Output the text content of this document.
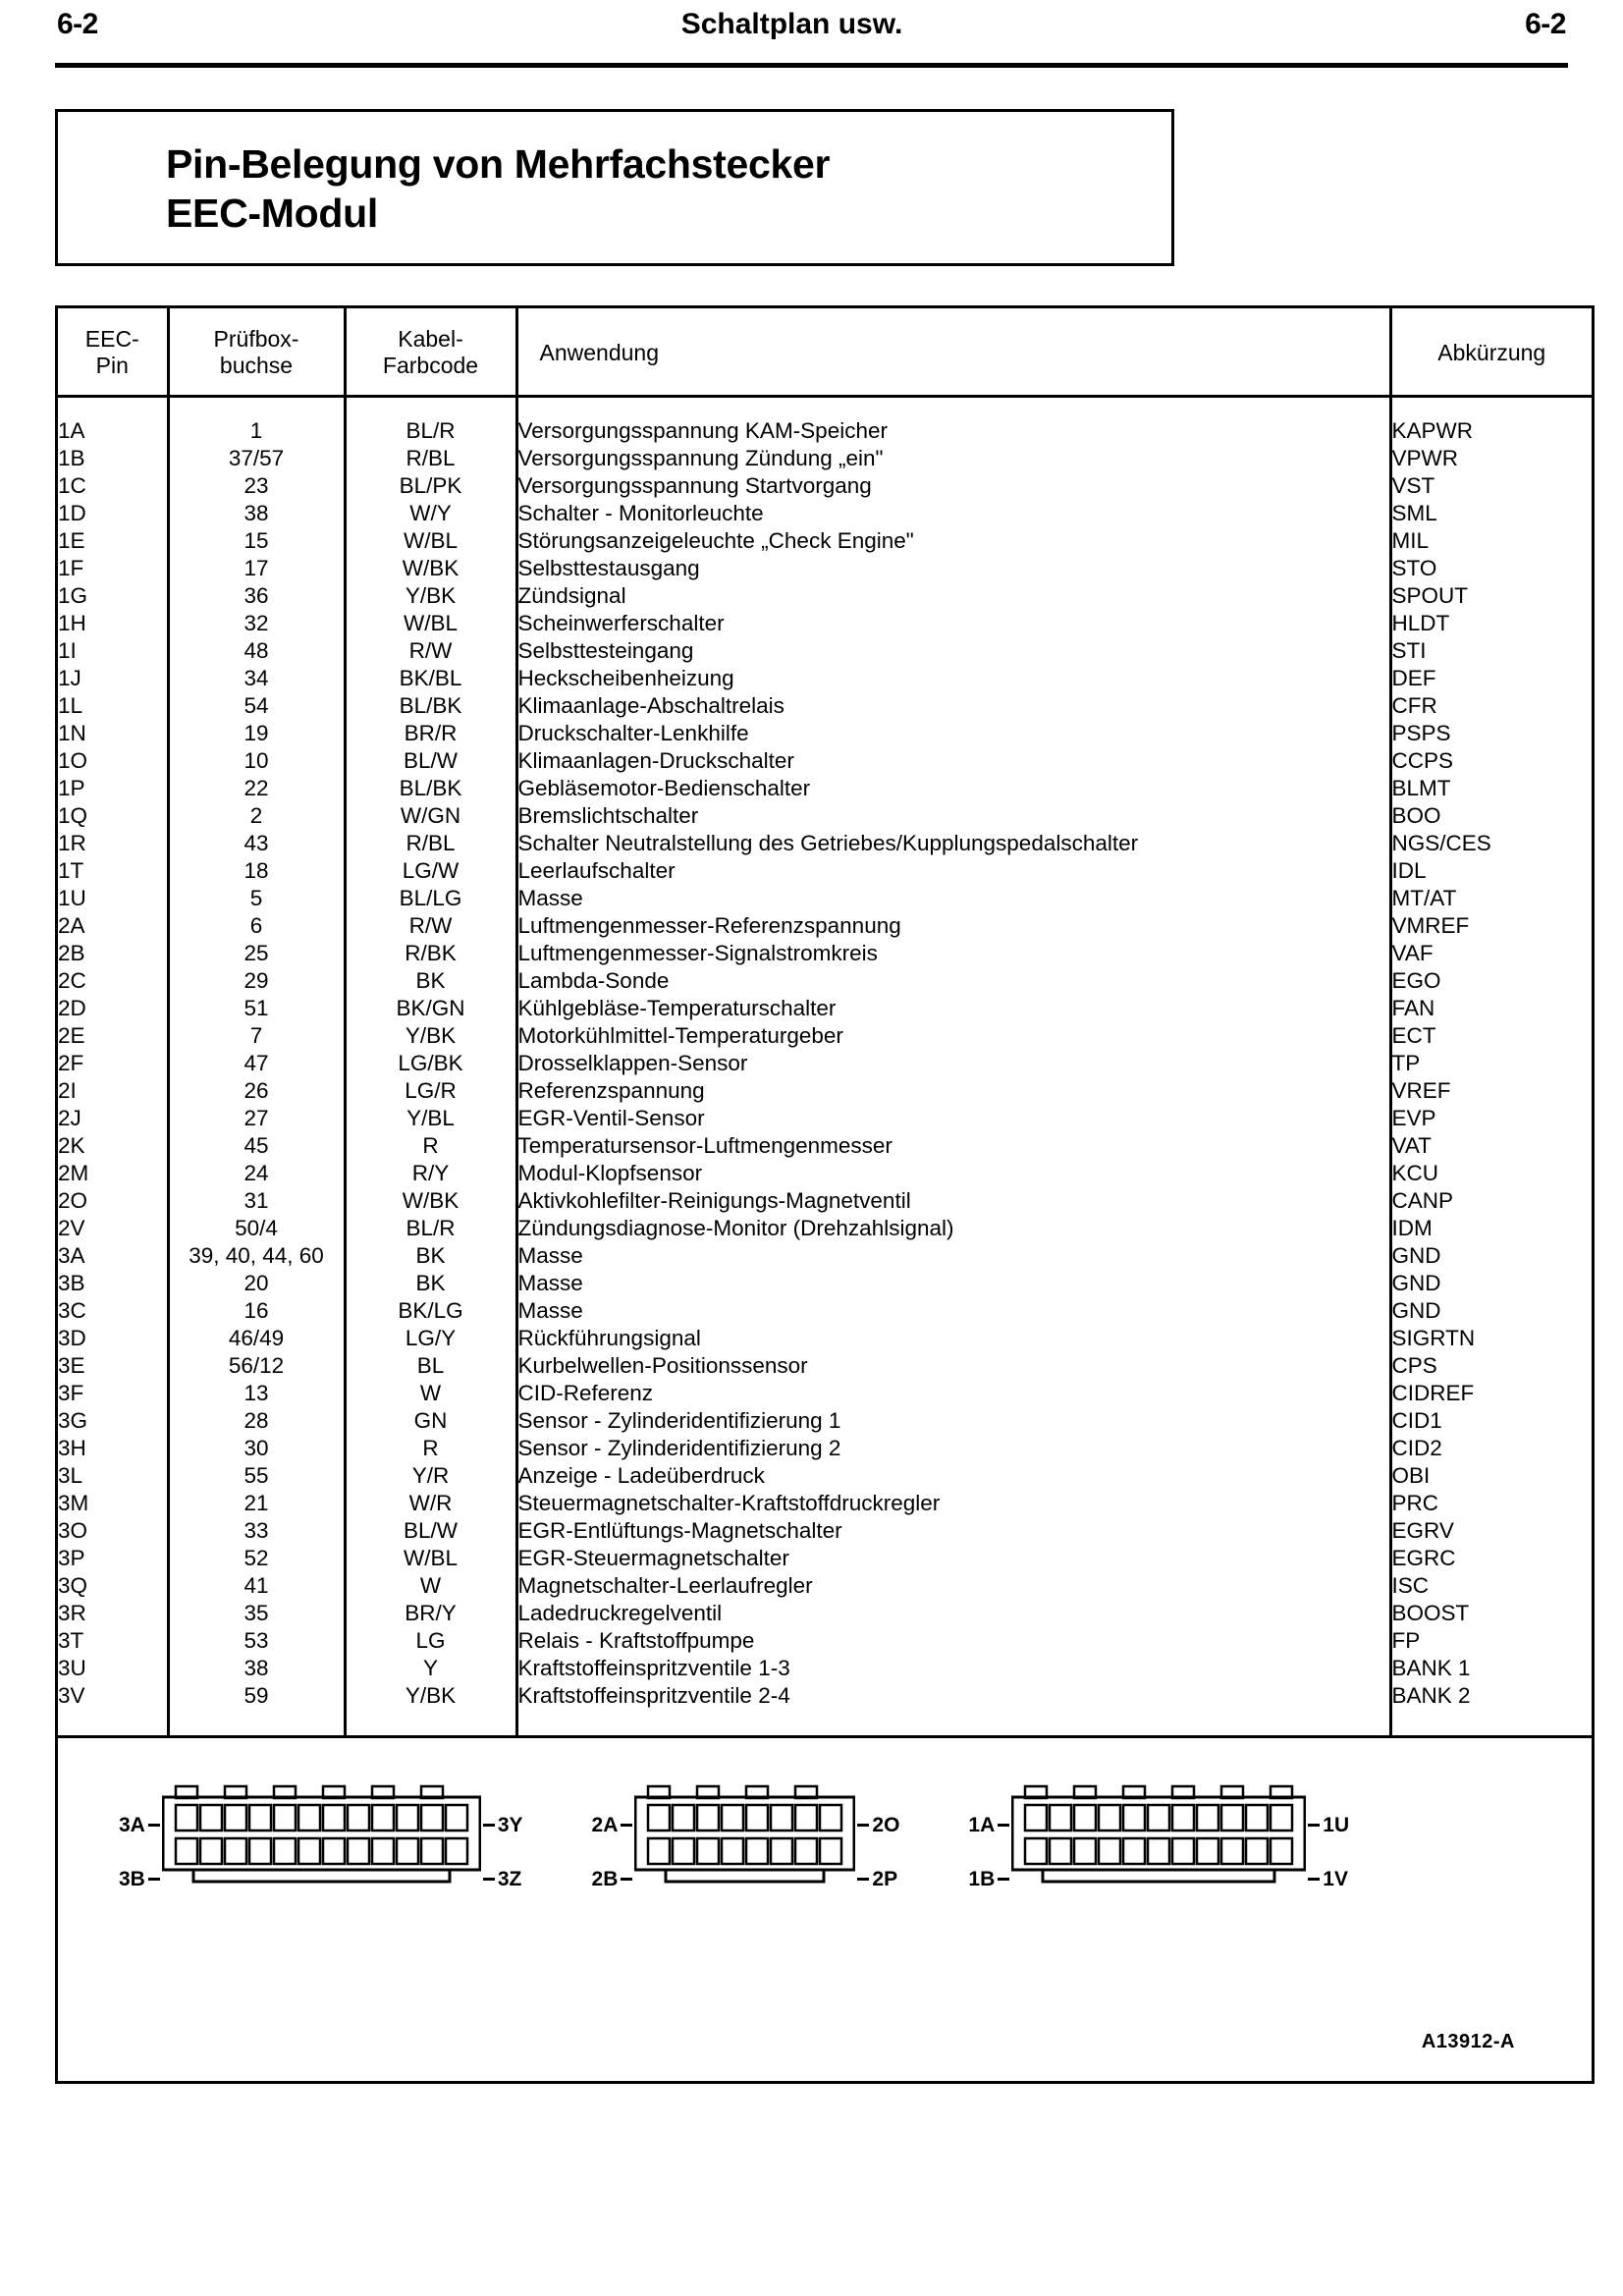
6-2	Schaltplan usw.	6-2
Pin-Belegung von Mehrfachstecker
EEC-Modul
EEC-
Pin

Prüfbox-
buchse

Kabel-
Farbcode

Anwendung	Abkürzung

1A	1	BL/R	Versorgungsspannung KAM-Speicher	KAPWR
1B	37/57	R/BL	Versorgungsspannung Zündung „ein"	VPWR
1C	23	BL/PK	Versorgungsspannung Startvorgang	VST
1D	38	W/Y	Schalter - Monitorleuchte	SML
1E	15	W/BL	Störungsanzeigeleuchte „Check Engine"	MIL
1F	17	W/BK	Selbsttestausgang	STO
1G	36	Y/BK	Zündsignal	SPOUT
1H	32	W/BL	Scheinwerferschalter	HLDT
1I	48	R/W	Selbsttesteingang	STI
1J	34	BK/BL	Heckscheibenheizung	DEF
1L	54	BL/BK	Klimaanlage-Abschaltrelais	CFR
1N	19	BR/R	Druckschalter-Lenkhilfe	PSPS
1O	10	BL/W	Klimaanlagen-Druckschalter	CCPS
1P	22	BL/BK	Gebläsemotor-Bedienschalter	BLMT
1Q	2	W/GN	Bremslichtschalter	BOO
1R	43	R/BL	Schalter Neutralstellung des Getriebes/Kupplungspedalschalter	NGS/CES
1T	18	LG/W	Leerlaufschalter	IDL
1U	5	BL/LG	Masse	MT/AT
2A	6	R/W	Luftmengenmesser-Referenzspannung	VMREF
2B	25	R/BK	Luftmengenmesser-Signalstromkreis	VAF
2C	29	BK	Lambda-Sonde	EGO
2D	51	BK/GN	Kühlgebläse-Temperaturschalter	FAN
2E	7	Y/BK	Motorkühlmittel-Temperaturgeber	ECT
2F	47	LG/BK	Drosselklappen-Sensor	TP
2I	26	LG/R	Referenzspannung	VREF
2J	27	Y/BL	EGR-Ventil-Sensor	EVP
2K	45	R	Temperatursensor-Luftmengenmesser	VAT
2M	24	R/Y	Modul-Klopfsensor	KCU
2O	31	W/BK	Aktivkohlefilter-Reinigungs-Magnetventil	CANP
2V	50/4	BL/R	Zündungsdiagnose-Monitor (Drehzahlsignal)	IDM
3A	39, 40, 44, 60	BK	Masse	GND
3B	20	BK	Masse	GND
3C	16	BK/LG	Masse	GND
3D	46/49	LG/Y	Rückführungsignal	SIGRTN
3E	56/12	BL	Kurbelwellen-Positionssensor	CPS
3F	13	W	CID-Referenz	CIDREF
3G	28	GN	Sensor - Zylinderidentifizierung 1	CID1
3H	30	R	Sensor - Zylinderidentifizierung 2	CID2
3L	55	Y/R	Anzeige - Ladeüberdruck	OBI
3M	21	W/R	Steuermagnetschalter-Kraftstoffdruckregler	PRC
3O	33	BL/W	EGR-Entlüftungs-Magnetschalter	EGRV
3P	52	W/BL	EGR-Steuermagnetschalter	EGRC
3Q	41	W	Magnetschalter-Leerlaufregler	ISC
3R	35	BR/Y	Ladedruckregelventil	BOOST
3T	53	LG	Relais - Kraftstoffpumpe	FP
3U	38	Y	Kraftstoffeinspritzventile 1-3	BANK 1
3V	59	Y/BK	Kraftstoffeinspritzventile 2-4	BANK 2

3A
3B
3Y
3Z
2A
2B
2O
2P
1A
1B
1U
1V
A13912-A
